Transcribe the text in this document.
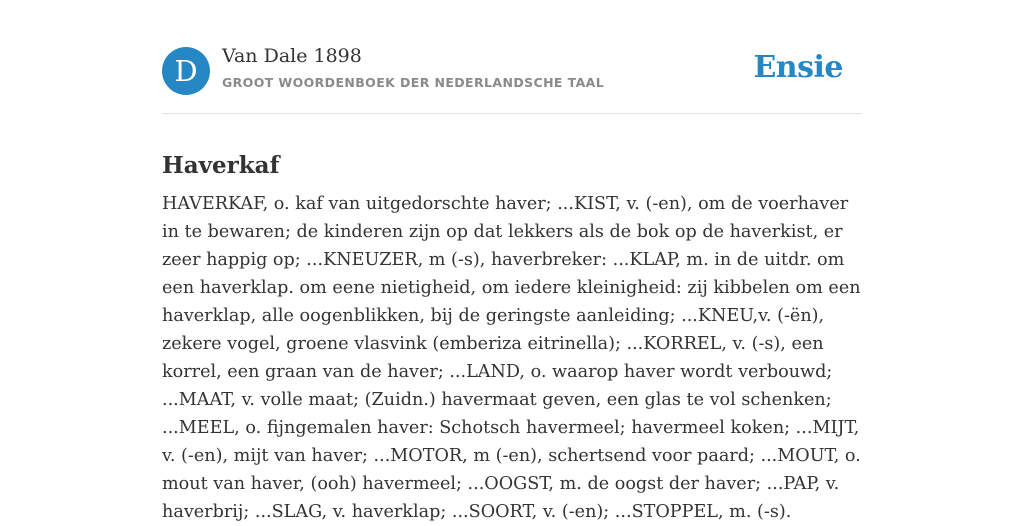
D	Van Dale 1898
GROOT WOORDENBOEK DER NEDERLANDSCHE TAAL	Ensie
Haverkaf

HAVERKAF, o. kaf van uitgedorschte haver; ...KIST, v. (-en), om de voerhaver in te bewaren; de kinderen zijn op dat lekkers als de bok op de haverkist, er zeer happig op; ...KNEUZER, m (-s), haverbreker: ...KLAP, m. in de uitdr. om een haverklap. om eene nietigheid, om iedere kleinigheid: zij kibbelen om een haverklap, alle oogenblikken, bij de geringste aanleiding; ...KNEU,v. (-ën), zekere vogel, groene vlasvink (emberiza eitrinella); ...KORREL, v. (-s), een korrel, een graan van de haver; ...LAND, o. waarop haver wordt verbouwd; ...MAAT, v. volle maat; (Zuidn.) havermaat geven, een glas te vol schenken; ...MEEL, o. fijngemalen haver: Schotsch havermeel; havermeel koken; ...MIJT, v. (-en), mijt van haver; ...MOTOR, m (-en), schertsend voor paard; ...MOUT, o. mout van haver, (ooh) havermeel; ...OOGST, m. de oogst der haver; ...PAP, v. haverbrij; ...SLAG, v. haverklap; ...SOORT, v. (-en); ...STOPPEL, m. (-s).
